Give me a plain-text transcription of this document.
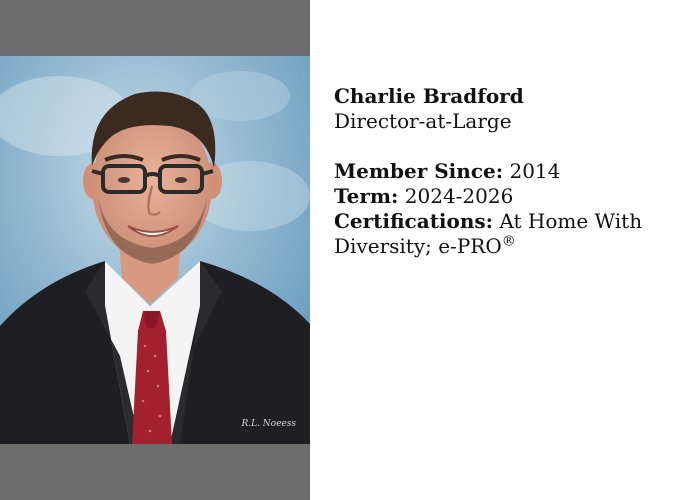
R.L. Noeess

Charlie Bradford

Director-at-Large

Member Since: 2014

Term: 2024-2026

Certifications: At Home With Diversity; e-PRO®
